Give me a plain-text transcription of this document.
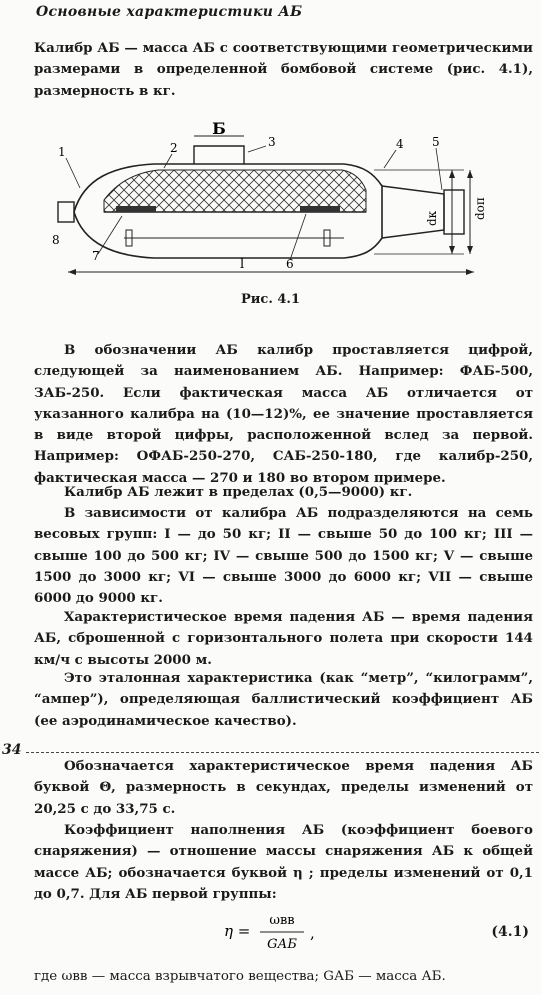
Основные характеристики АБ
Калибр АБ — масса АБ с соответствующими геометрическими размерами в определенной бомбовой системе (рис. 4.1), размерность в кг.
Б
1	2	3	4 5
6
7
8
l
dк	dоп
Рис. 4.1
В обозначении АБ калибр проставляется цифрой, следующей за наименованием АБ. Например: ФАБ-500, ЗАБ-250. Если фактическая масса АБ отличается от указанного калибра на (10—12)%, ее значение проставляется в виде второй цифры, расположенной вслед за первой. Например: ОФАБ-250-270, САБ-250-180, где калибр-250, фактическая масса — 270 и 180 во втором примере.
Калибр АБ лежит в пределах (0,5—9000) кг.
В зависимости от калибра АБ подразделяются на семь весовых групп: I — до 50 кг; II — свыше 50 до 100 кг; III — свыше 100 до 500 кг; IV — свыше 500 до 1500 кг; V — свыше 1500 до 3000 кг; VI — свыше 3000 до 6000 кг; VII — свыше 6000 до 9000 кг.
Характеристическое время падения АБ — время падения АБ, сброшенной с горизонтального полета при скорости 144 км/ч с высоты 2000 м.
Это эталонная характеристика (как “метр”, “килограмм”, “ампер”), определяющая баллистический коэффициент АБ (ее аэродинамическое качество).
34
Обозначается характеристическое время падения АБ буквой Θ, размерность в секундах, пределы изменений от 20,25 с до 33,75 с.
Коэффициент наполнения АБ (коэффициент боевого снаряжения) — отношение массы снаряжения АБ к общей массе АБ; обозначается буквой η ; пределы изменений от 0,1 до 0,7. Для АБ первой группы:
η =
ωвв
GАБ
,	(4.1)
где ωвв — масса взрывчатого вещества; GАБ — масса АБ.
